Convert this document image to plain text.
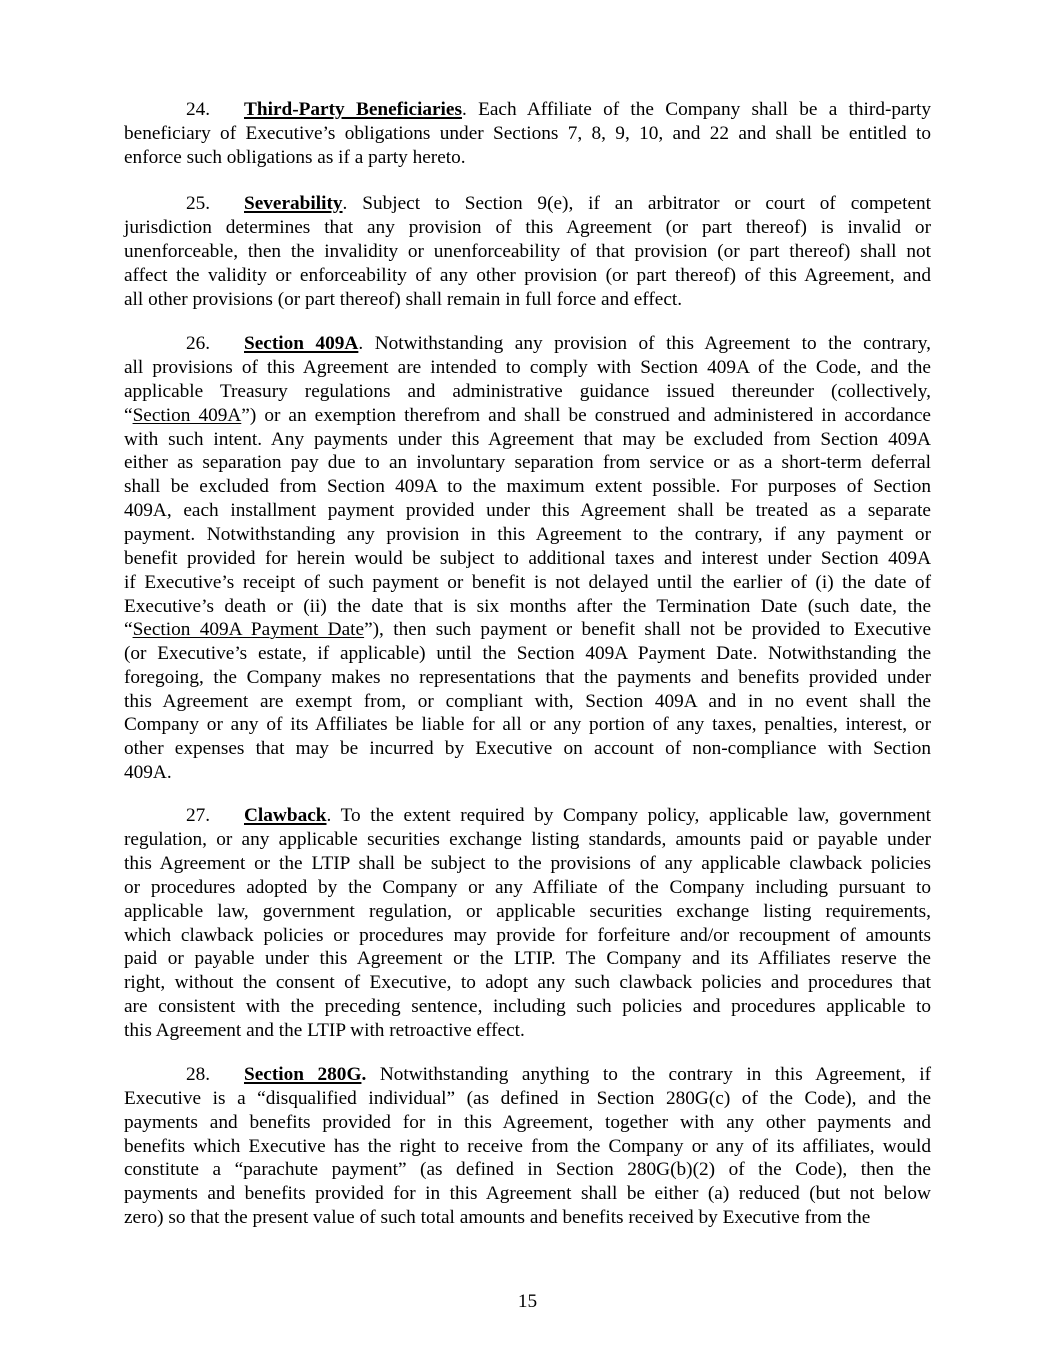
24. Third-Party Beneficiaries. Each Affiliate of the Company shall be a third-party
beneficiary of Executive’s obligations under Sections 7, 8, 9, 10, and 22 and shall be entitled to
enforce such obligations as if a party hereto.
25. Severability. Subject to Section 9(e), if an arbitrator or court of competent
jurisdiction determines that any provision of this Agreement (or part thereof) is invalid or
unenforceable, then the invalidity or unenforceability of that provision (or part thereof) shall not
affect the validity or enforceability of any other provision (or part thereof) of this Agreement, and
all other provisions (or part thereof) shall remain in full force and effect.
26. Section 409A. Notwithstanding any provision of this Agreement to the contrary,
all provisions of this Agreement are intended to comply with Section 409A of the Code, and the
applicable Treasury regulations and administrative guidance issued thereunder (collectively,
“Section 409A”) or an exemption therefrom and shall be construed and administered in accordance
with such intent. Any payments under this Agreement that may be excluded from Section 409A
either as separation pay due to an involuntary separation from service or as a short-term deferral
shall be excluded from Section 409A to the maximum extent possible. For purposes of Section
409A, each installment payment provided under this Agreement shall be treated as a separate
payment. Notwithstanding any provision in this Agreement to the contrary, if any payment or
benefit provided for herein would be subject to additional taxes and interest under Section 409A
if Executive’s receipt of such payment or benefit is not delayed until the earlier of (i) the date of
Executive’s death or (ii) the date that is six months after the Termination Date (such date, the
“Section 409A Payment Date”), then such payment or benefit shall not be provided to Executive
(or Executive’s estate, if applicable) until the Section 409A Payment Date. Notwithstanding the
foregoing, the Company makes no representations that the payments and benefits provided under
this Agreement are exempt from, or compliant with, Section 409A and in no event shall the
Company or any of its Affiliates be liable for all or any portion of any taxes, penalties, interest, or
other expenses that may be incurred by Executive on account of non-compliance with Section
409A.
27. Clawback. To the extent required by Company policy, applicable law, government
regulation, or any applicable securities exchange listing standards, amounts paid or payable under
this Agreement or the LTIP shall be subject to the provisions of any applicable clawback policies
or procedures adopted by the Company or any Affiliate of the Company including pursuant to
applicable law, government regulation, or applicable securities exchange listing requirements,
which clawback policies or procedures may provide for forfeiture and/or recoupment of amounts
paid or payable under this Agreement or the LTIP. The Company and its Affiliates reserve the
right, without the consent of Executive, to adopt any such clawback policies and procedures that
are consistent with the preceding sentence, including such policies and procedures applicable to
this Agreement and the LTIP with retroactive effect.
28. Section 280G. Notwithstanding anything to the contrary in this Agreement, if
Executive is a “disqualified individual” (as defined in Section 280G(c) of the Code), and the
payments and benefits provided for in this Agreement, together with any other payments and
benefits which Executive has the right to receive from the Company or any of its affiliates, would
constitute a “parachute payment” (as defined in Section 280G(b)(2) of the Code), then the
payments and benefits provided for in this Agreement shall be either (a) reduced (but not below
zero) so that the present value of such total amounts and benefits received by Executive from the
15
